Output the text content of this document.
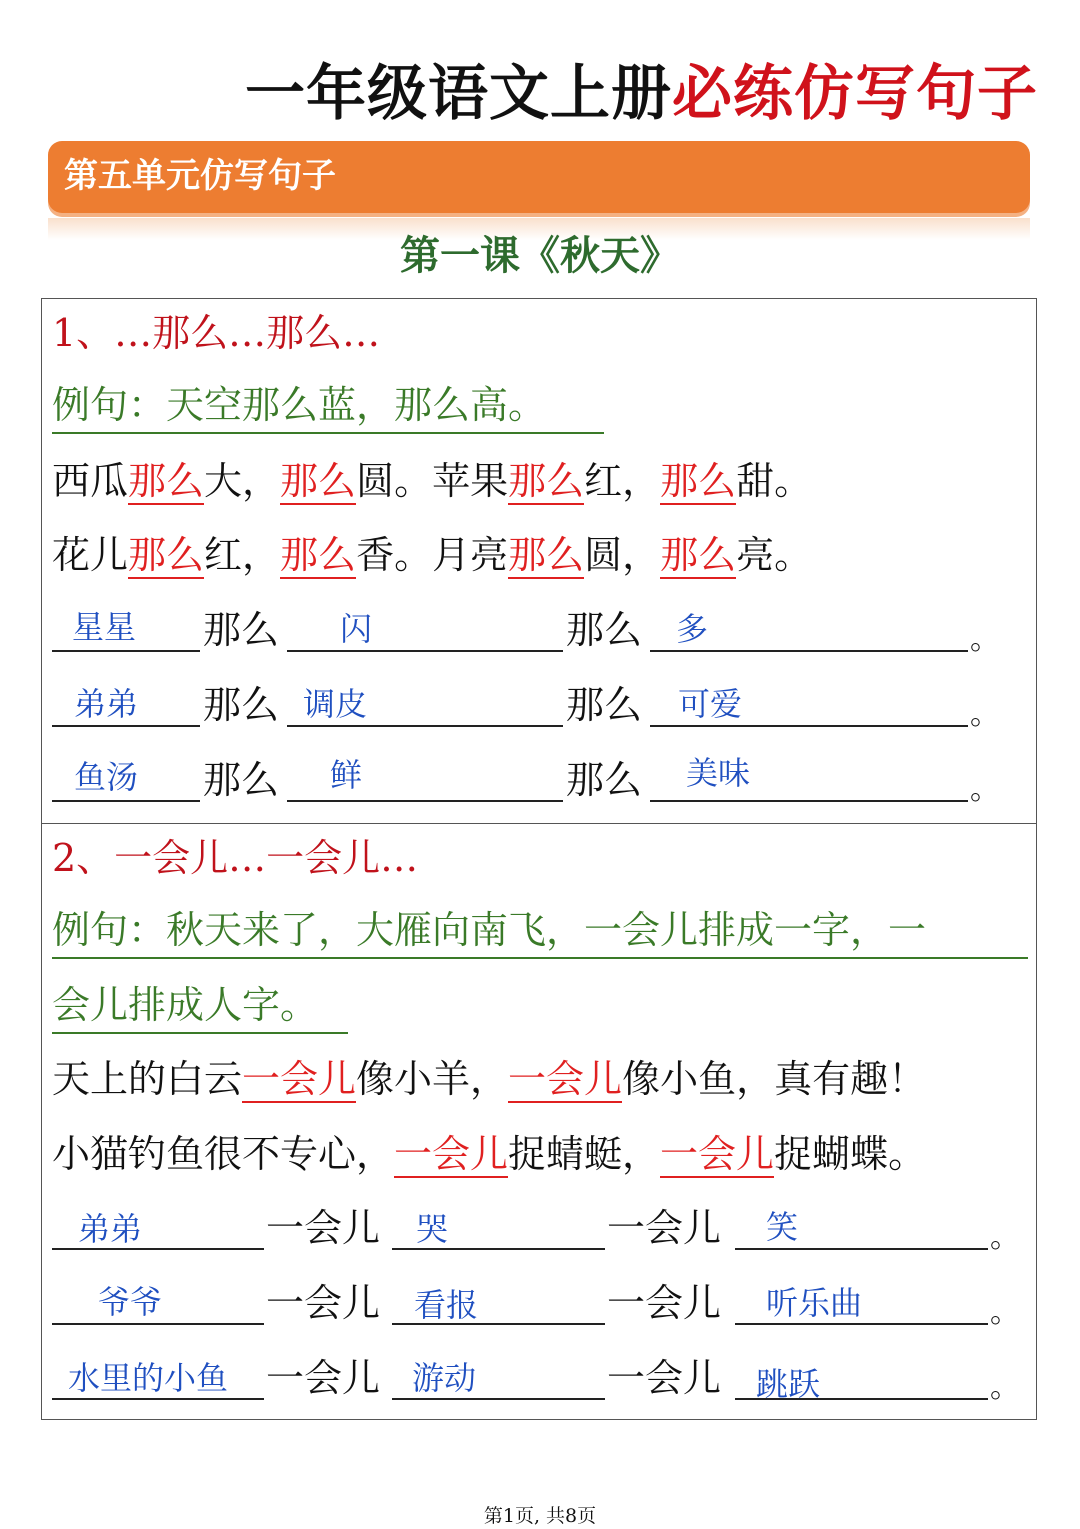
一年级语文上册必练仿写句子
第五单元仿写句子
第一课《秋天》
1、…那么…那么…
例句：天空那么蓝，那么高。
西瓜那么大，那么圆。苹果那么红，那么甜。
花儿那么红，那么香。月亮那么圆，那么亮。
星星 那么 闪	那么 多	。
弟弟 那么 调皮	那么 可爱	。
鱼汤 那么 鲜	那么 美味	。
2、一会儿…一会儿…
例句：秋天来了，大雁向南飞，一会儿排成一字，一
会儿排成人字。
天上的白云一会儿像小羊，一会儿像小鱼，真有趣！
小猫钓鱼很不专心，一会儿捉蜻蜓，一会儿捉蝴蝶。
弟弟	一会儿 哭	一会儿 笑	。
爷爷	一会儿 看报	一会儿 听乐曲	。
水里的小鱼 一会儿 游动	一会儿 跳跃	。
第1页, 共8页
